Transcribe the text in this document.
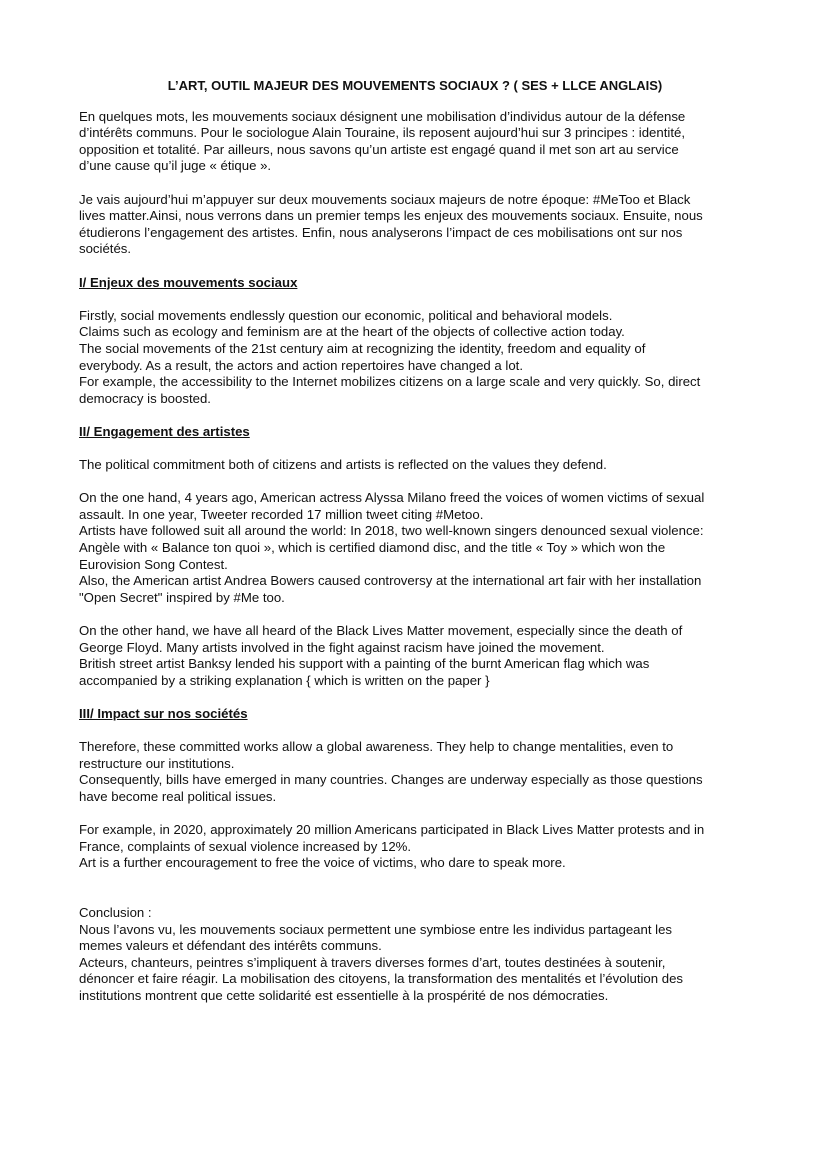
L’ART, OUTIL MAJEUR DES MOUVEMENTS SOCIAUX ? ( SES + LLCE ANGLAIS)
En quelques mots, les mouvements sociaux désignent une mobilisation d’individus autour de la défense
d’intérêts communs. Pour le sociologue Alain Touraine, ils reposent aujourd’hui sur 3 principes : identité,
opposition et totalité. Par ailleurs, nous savons qu’un artiste est engagé quand il met son art au service
d’une cause qu’il juge « étique ».
Je vais aujourd’hui m’appuyer sur deux mouvements sociaux majeurs de notre époque: #MeToo et Black
lives matter.Ainsi, nous verrons dans un premier temps les enjeux des mouvements sociaux. Ensuite, nous
étudierons l’engagement des artistes. Enfin, nous analyserons l’impact de ces mobilisations ont sur nos
sociétés.
I/ Enjeux des mouvements sociaux
Firstly, social movements endlessly question our economic, political and behavioral models.
Claims such as ecology and feminism are at the heart of the objects of collective action today.
The social movements of the 21st century aim at recognizing the identity, freedom and equality of
everybody. As a result, the actors and action repertoires have changed a lot.
For example, the accessibility to the Internet mobilizes citizens on a large scale and very quickly. So, direct
democracy is boosted.
II/ Engagement des artistes
The political commitment both of citizens and artists is reflected on the values they defend.
On the one hand, 4 years ago, American actress Alyssa Milano freed the voices of women victims of sexual
assault. In one year, Tweeter recorded 17 million tweet citing #Metoo.
Artists have followed suit all around the world: In 2018, two well-known singers denounced sexual violence:
Angèle with « Balance ton quoi », which is certified diamond disc, and the title « Toy » which won the
Eurovision Song Contest.
Also, the American artist Andrea Bowers caused controversy at the international art fair with her installation
"Open Secret" inspired by #Me too.
On the other hand, we have all heard of the Black Lives Matter movement, especially since the death of
George Floyd. Many artists involved in the fight against racism have joined the movement.
British street artist Banksy lended his support with a painting of the burnt American flag which was
accompanied by a striking explanation { which is written on the paper }
III/ Impact sur nos sociétés
Therefore, these committed works allow a global awareness. They help to change mentalities, even to
restructure our institutions.
Consequently, bills have emerged in many countries. Changes are underway especially as those questions
have become real political issues.
For example, in 2020, approximately 20 million Americans participated in Black Lives Matter protests and in
France, complaints of sexual violence increased by 12%.
Art is a further encouragement to free the voice of victims, who dare to speak more.
Conclusion :
Nous l’avons vu, les mouvements sociaux permettent une symbiose entre les individus partageant les
memes valeurs et défendant des intérêts communs.
Acteurs, chanteurs, peintres s’impliquent à travers diverses formes d’art, toutes destinées à soutenir,
dénoncer et faire réagir. La mobilisation des citoyens, la transformation des mentalités et l’évolution des
institutions montrent que cette solidarité est essentielle à la prospérité de nos démocraties.
